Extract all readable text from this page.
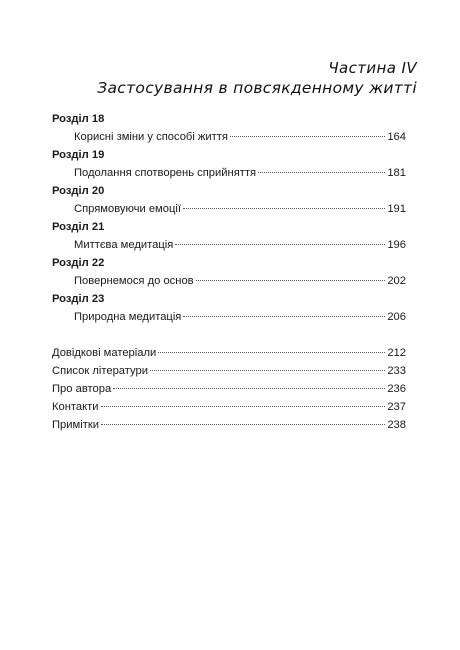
Частина IV
Застосування в повсякденному житті
Розділ 18
Корисні зміни у способі життя	164
Розділ 19
Подолання спотворень сприйняття	181
Розділ 20
Спрямовуючи емоції	191
Розділ 21
Миттєва медитація	196
Розділ 22
Повернемося до основ	202
Розділ 23
Природна медитація	206
Довідкові матеріали	212
Список літератури	233
Про автора	236
Контакти	237
Примітки	238
